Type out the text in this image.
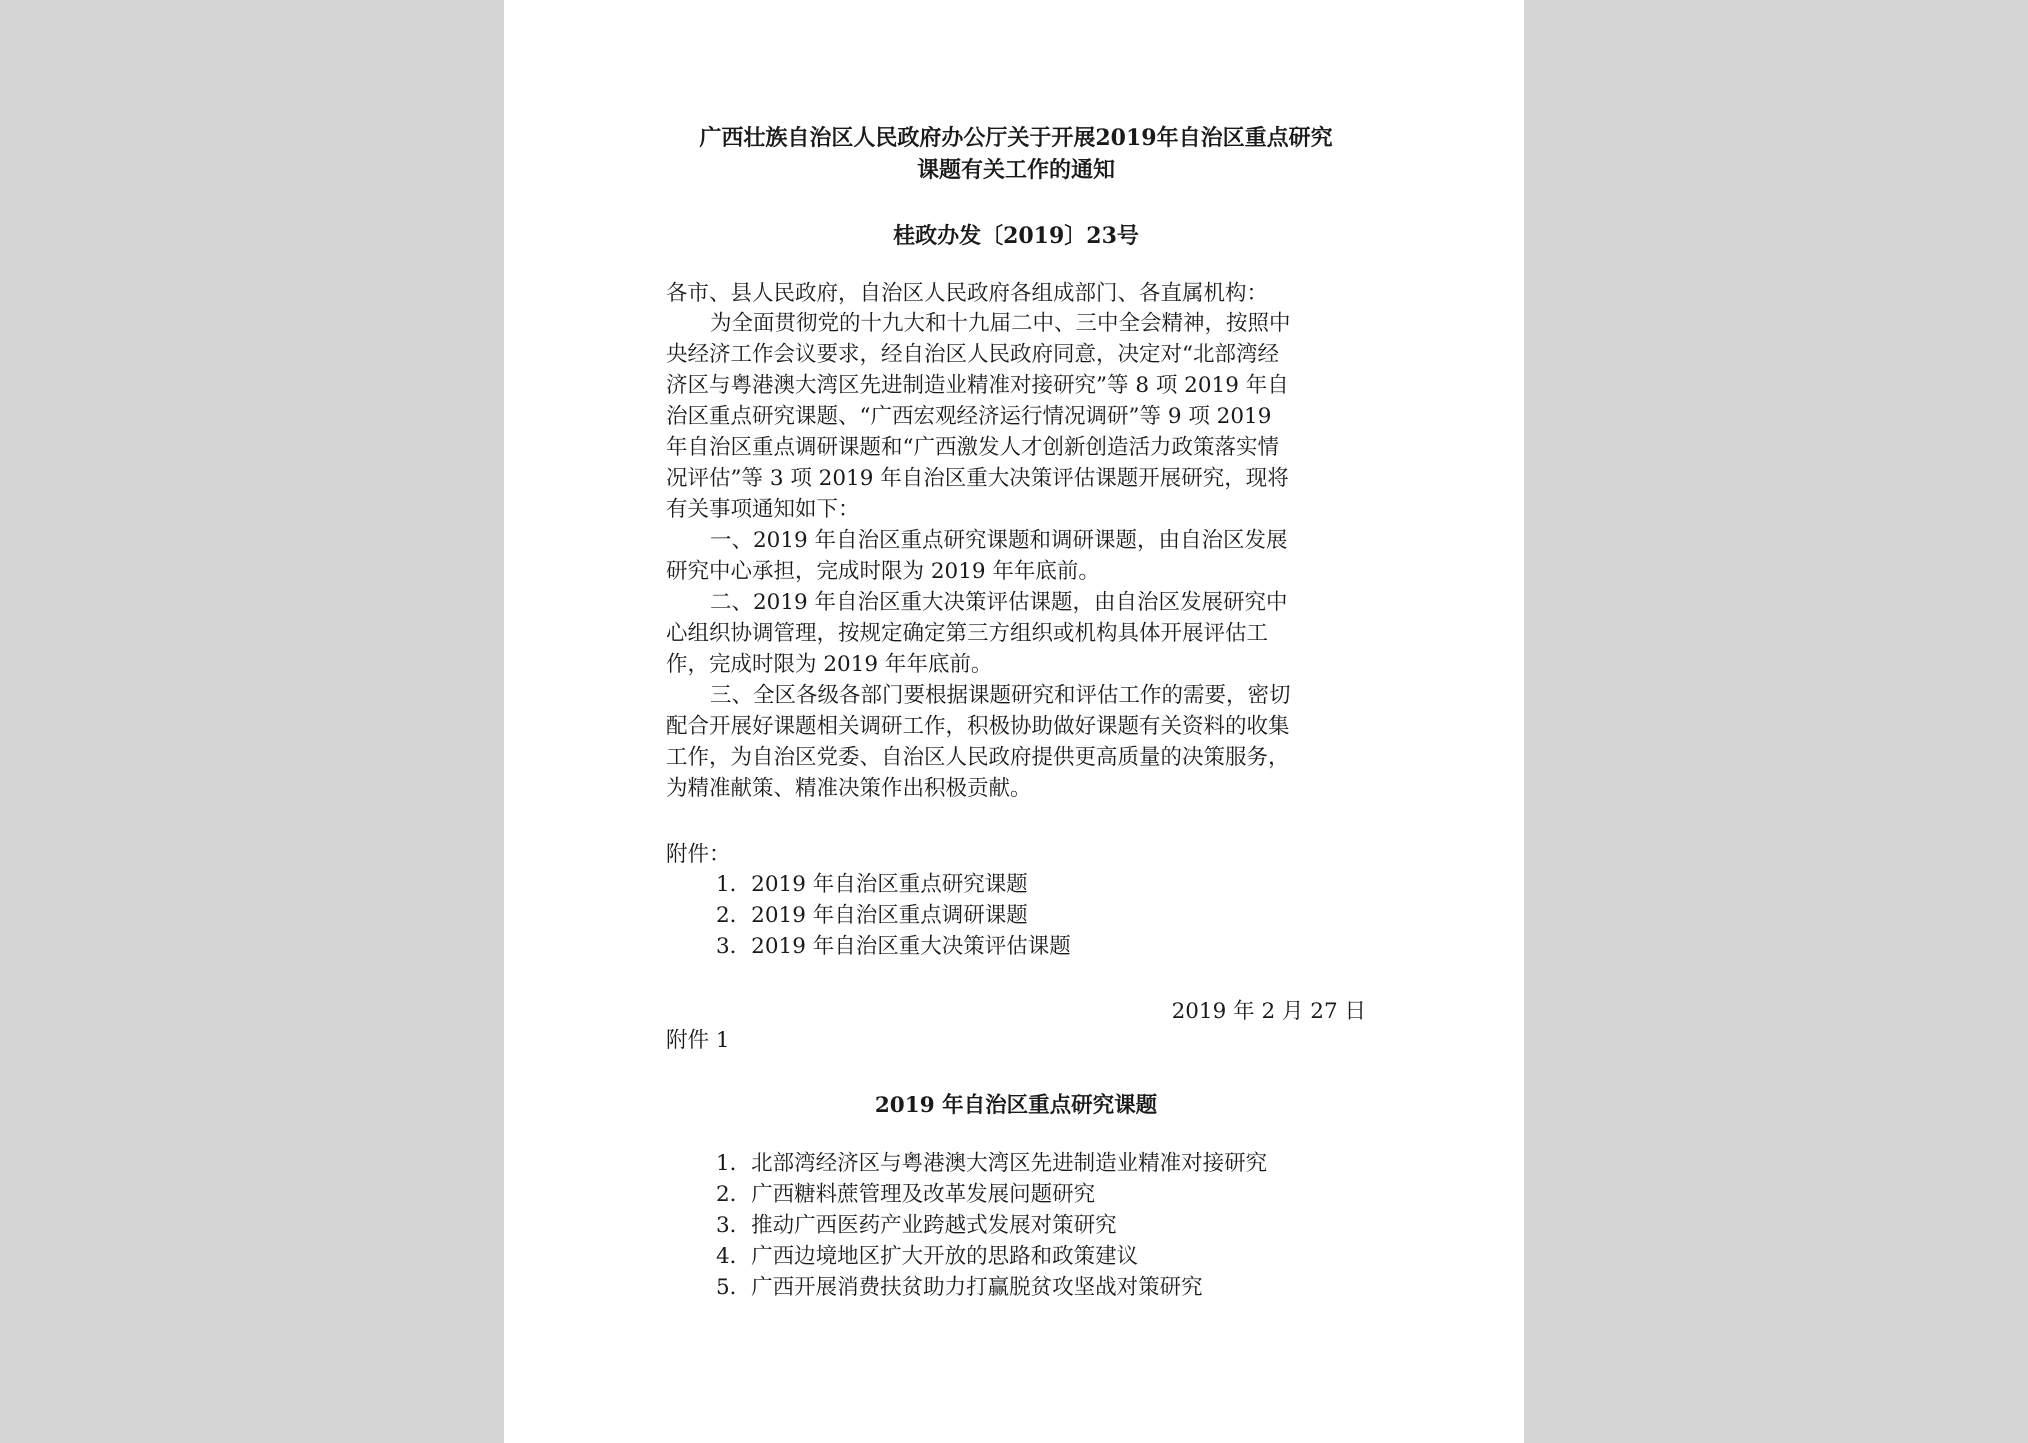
广西壮族自治区人民政府办公厅关于开展2019年自治区重点研究
课题有关工作的通知
桂政办发〔2019〕23号
各市、县人民政府，自治区人民政府各组成部门、各直属机构：
为全面贯彻党的十九大和十九届二中、三中全会精神，按照中
央经济工作会议要求，经自治区人民政府同意，决定对“北部湾经
济区与粤港澳大湾区先进制造业精准对接研究”等 8 项 2019 年自
治区重点研究课题、“广西宏观经济运行情况调研”等 9 项 2019
年自治区重点调研课题和“广西激发人才创新创造活力政策落实情
况评估”等 3 项 2019 年自治区重大决策评估课题开展研究，现将
有关事项通知如下：
一、2019 年自治区重点研究课题和调研课题，由自治区发展
研究中心承担，完成时限为 2019 年年底前。
二、2019 年自治区重大决策评估课题，由自治区发展研究中
心组织协调管理，按规定确定第三方组织或机构具体开展评估工
作，完成时限为 2019 年年底前。
三、全区各级各部门要根据课题研究和评估工作的需要，密切
配合开展好课题相关调研工作，积极协助做好课题有关资料的收集
工作，为自治区党委、自治区人民政府提供更高质量的决策服务，
为精准献策、精准决策作出积极贡献。
附件：
1．2019 年自治区重点研究课题
2．2019 年自治区重点调研课题
3．2019 年自治区重大决策评估课题
2019 年 2 月 27 日
附件 1
2019 年自治区重点研究课题
1．北部湾经济区与粤港澳大湾区先进制造业精准对接研究
2．广西糖料蔗管理及改革发展问题研究
3．推动广西医药产业跨越式发展对策研究
4．广西边境地区扩大开放的思路和政策建议
5．广西开展消费扶贫助力打赢脱贫攻坚战对策研究
